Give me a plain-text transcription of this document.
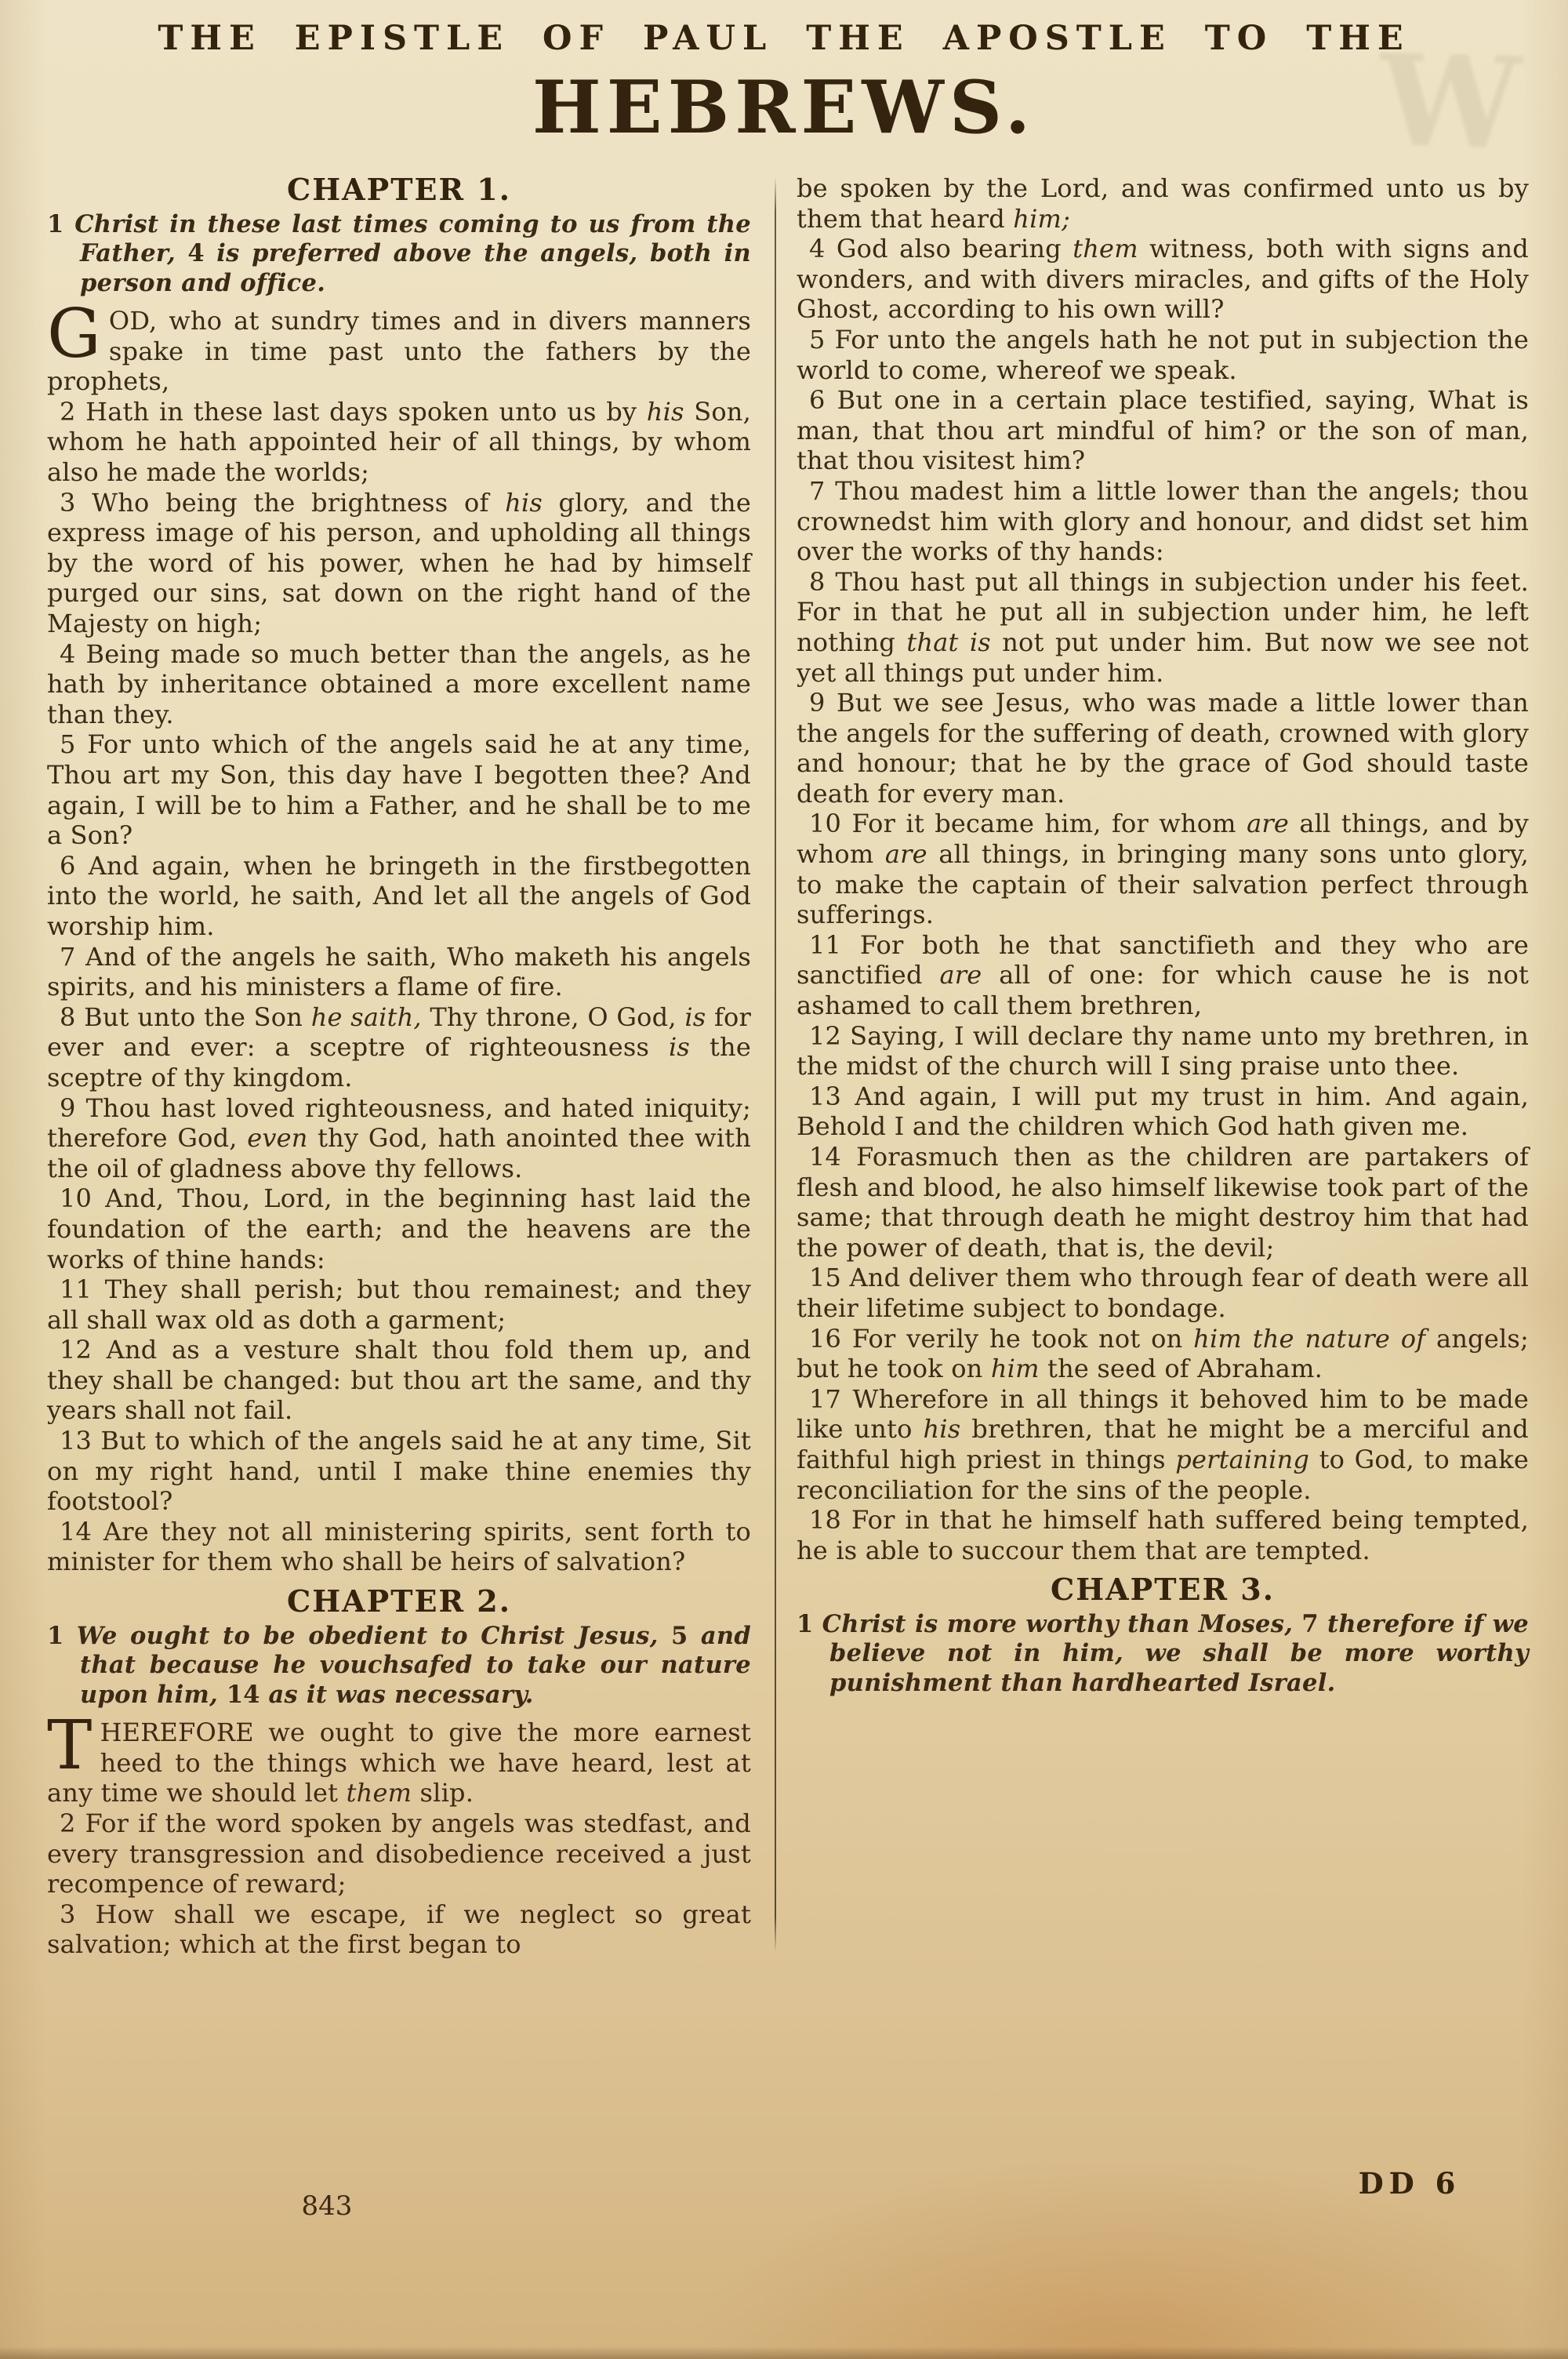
W
THE EPISTLE OF PAUL THE APOSTLE TO THE
HEBREWS.

CHAPTER 1.

1 Christ in these last times coming to us from the Father, 4 is preferred above the angels, both in person and office.

GOD, who at sundry times and in divers manners spake in time past unto the fathers by the prophets,

2 Hath in these last days spoken unto us by his Son, whom he hath appointed heir of all things, by whom also he made the worlds;

3 Who being the brightness of his glory, and the express image of his person, and upholding all things by the word of his power, when he had by himself purged our sins, sat down on the right hand of the Majesty on high;

4 Being made so much better than the angels, as he hath by inheritance obtained a more excellent name than they.

5 For unto which of the angels said he at any time, Thou art my Son, this day have I begotten thee? And again, I will be to him a Father, and he shall be to me a Son?

6 And again, when he bringeth in the firstbegotten into the world, he saith, And let all the angels of God worship him.

7 And of the angels he saith, Who maketh his angels spirits, and his ministers a flame of fire.

8 But unto the Son he saith, Thy throne, O God, is for ever and ever: a sceptre of righteousness is the sceptre of thy kingdom.

9 Thou hast loved righteousness, and hated iniquity; therefore God, even thy God, hath anointed thee with the oil of gladness above thy fellows.

10 And, Thou, Lord, in the beginning hast laid the foundation of the earth; and the heavens are the works of thine hands:

11 They shall perish; but thou remainest; and they all shall wax old as doth a garment;

12 And as a vesture shalt thou fold them up, and they shall be changed: but thou art the same, and thy years shall not fail.

13 But to which of the angels said he at any time, Sit on my right hand, until I make thine enemies thy footstool?

14 Are they not all ministering spirits, sent forth to minister for them who shall be heirs of salvation?

CHAPTER 2.

1 We ought to be obedient to Christ Jesus, 5 and that because he vouchsafed to take our nature upon him, 14 as it was necessary.

THEREFORE we ought to give the more earnest heed to the things which we have heard, lest at any time we should let them slip.

2 For if the word spoken by angels was stedfast, and every transgression and disobedience received a just recompence of reward;

3 How shall we escape, if we neglect so great salvation; which at the first began to

be spoken by the Lord, and was confirmed unto us by them that heard him;

4 God also bearing them witness, both with signs and wonders, and with divers miracles, and gifts of the Holy Ghost, according to his own will?

5 For unto the angels hath he not put in subjection the world to come, whereof we speak.

6 But one in a certain place testified, saying, What is man, that thou art mindful of him? or the son of man, that thou visitest him?

7 Thou madest him a little lower than the angels; thou crownedst him with glory and honour, and didst set him over the works of thy hands:

8 Thou hast put all things in subjection under his feet. For in that he put all in subjection under him, he left nothing that is not put under him. But now we see not yet all things put under him.

9 But we see Jesus, who was made a little lower than the angels for the suffering of death, crowned with glory and honour; that he by the grace of God should taste death for every man.

10 For it became him, for whom are all things, and by whom are all things, in bringing many sons unto glory, to make the captain of their salvation perfect through sufferings.

11 For both he that sanctifieth and they who are sanctified are all of one: for which cause he is not ashamed to call them brethren,

12 Saying, I will declare thy name unto my brethren, in the midst of the church will I sing praise unto thee.

13 And again, I will put my trust in him. And again, Behold I and the children which God hath given me.

14 Forasmuch then as the children are partakers of flesh and blood, he also himself likewise took part of the same; that through death he might destroy him that had the power of death, that is, the devil;

15 And deliver them who through fear of death were all their lifetime subject to bondage.

16 For verily he took not on him the nature of angels; but he took on him the seed of Abraham.

17 Wherefore in all things it behoved him to be made like unto his brethren, that he might be a merciful and faithful high priest in things pertaining to God, to make reconciliation for the sins of the people.

18 For in that he himself hath suffered being tempted, he is able to succour them that are tempted.

CHAPTER 3.

1 Christ is more worthy than Moses, 7 therefore if we believe not in him, we shall be more worthy punishment than hardhearted Israel.

843
DD 6
